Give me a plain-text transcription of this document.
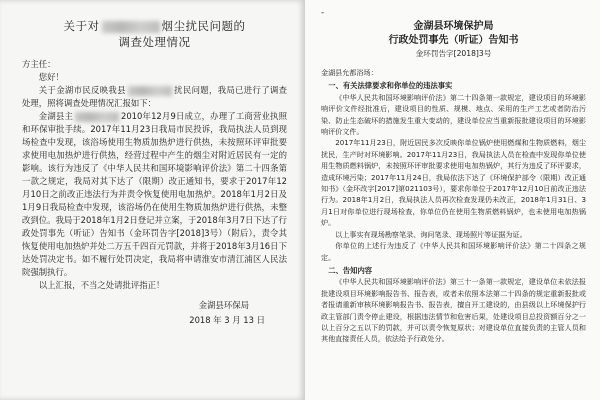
关于对	烟尘扰民问题的
调查处理情况

方主任：

您好！

关于金湖市民反映我县	扰民问题，我局已进行了调查处理，照将调查处理情况汇报如下：

金湖县主	2010年12月9日成立，办理了工商营业执照和环保审批手续。2017年11月23日我局市民投诉，我局执法人员到现场检查中发现，该浴场使用生物质加热炉进行供热，未按照环评审批要求使用电加热炉进行供热，经营过程中产生的烟尘对附近居民有一定的影响。该行为违反了《中华人民共和国环境影响评价法》第二十四条第一款之规定，我局对其下达了（限期）改正通知书，要求于2017年12月10日之前改正违法行为并责令恢复使用电加热炉。2018年1月2日及1月9日我局检查中发现，该浴场仍在使用生物质加热炉进行供热，未整改到位。我局于2018年1月2日登记并立案，于2018年3月7日下达了行政处罚事先（听证）告知书（金环罚告字[2018]3号）（附后），责令其恢复使用电加热炉并处二万五千四百元罚款，并将于2018年3月16日下达处罚决定书。如不履行处罚决定，我局将申请淮安市清江浦区人民法院强制执行。

以上汇报，不当之处请批评指正！

金湖县环保局
2018 年 3 月 13 日
-
金湖县环境保护局
行政处罚事先（听证）告知书
金环罚告字[2018]3号

金湖县允都浴场：

一、有关法律要求和你单位的违法事实

《中华人民共和国环境影响评价法》第二十四条第一款规定，建设项目的环境影响评价文件经批准后，建设项目的性质、规模、地点、采用的生产工艺或者防治污染、防止生态破坏的措施发生重大变动的，建设单位应当重新报批建设项目的环境影响评价文件。

2017年11月23日，附近居民多次反映你单位锅炉使用燃煤和生物质燃料，烟尘扰民，生产时对环境影响。2017年11月23日，我局执法人员在检查中发现你单位使用生物质燃料锅炉，未按照环评审批要求使用电加热锅炉，其行为违反了环评要求，造成环境污染；2017年11月24日，我局依法下达了《环境保护部令（限期）改正通知书》（金环改字[2017]第021103号），要求你单位于2017年12月10日前改正违法行为。2018年1月2日，我局执法人员再次检查发现仍未改正，2018年1月31日、3月1日对你单位进行现场检查，你单位仍在使用生物质燃料锅炉，也未使用电加热锅炉。

以上事实有现场勘察笔录、询问笔录、现场照片等证据为证。

你单位的上述行为违反了《中华人民共和国环境影响评价法》第二十四条之规定。

二、告知内容

《中华人民共和国环境影响评价法》第三十一条第一款规定，建设单位未依法报批建设项目环境影响报告书、报告表，或者未依照本法第二十四条的规定重新报批或者报请重新审核环境影响报告书、报告表，擅自开工建设的，由县级以上环境保护行政主管部门责令停止建设，根据违法情节和危害后果，处建设项目总投资额百分之一以上百分之五以下的罚款，并可以责令恢复原状；对建设单位直接负责的主管人员和其他直接责任人员，依法给予行政处分。
